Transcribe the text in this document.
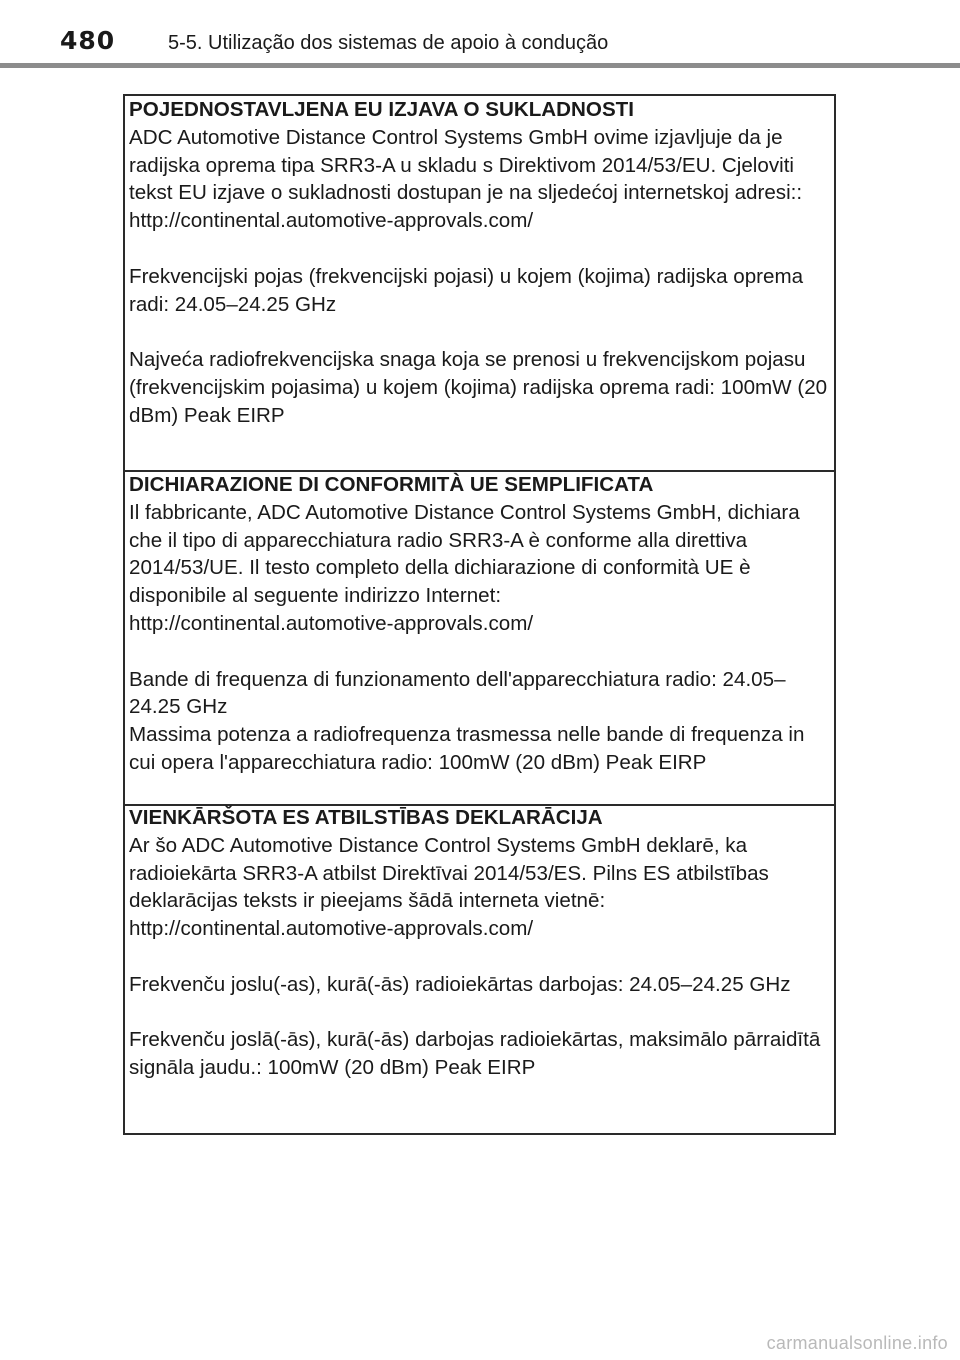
480	5-5. Utilização dos sistemas de apoio à condução

POJEDNOSTAVLJENA EU IZJAVA O SUKLADNOSTI

ADC Automotive Distance Control Systems GmbH ovime izjavljuje da je radijska oprema tipa SRR3-A u skladu s Direktivom 2014/53/EU. Cjeloviti tekst EU izjave o sukladnosti dostupan je na sljedećoj internetskoj adresi::

http://continental.automotive-approvals.com/

Frekvencijski pojas (frekvencijski pojasi) u kojem (kojima) radijska oprema radi: 24.05–24.25 GHz

Najveća radiofrekvencijska snaga koja se prenosi u frekvencijskom pojasu (frekvencijskim pojasima) u kojem (kojima) radijska oprema radi: 100mW (20 dBm) Peak EIRP

DICHIARAZIONE DI CONFORMITÀ UE SEMPLIFICATA

Il fabbricante, ADC Automotive Distance Control Systems GmbH, dichiara che il tipo di apparecchiatura radio SRR3-A è conforme alla direttiva 2014/53/UE. Il testo completo della dichiarazione di conformità UE è disponibile al seguente indirizzo Internet:

http://continental.automotive-approvals.com/

Bande di frequenza di funzionamento dell'apparecchiatura radio: 24.05–24.25 GHz

Massima potenza a radiofrequenza trasmessa nelle bande di frequenza in cui opera l'apparecchiatura radio: 100mW (20 dBm) Peak EIRP

VIENKĀRŠOTA ES ATBILSTĪBAS DEKLARĀCIJA

Ar šo ADC Automotive Distance Control Systems GmbH deklarē, ka radioiekārta SRR3-A atbilst Direktīvai 2014/53/ES. Pilns ES atbilstības deklarācijas teksts ir pieejams šādā interneta vietnē:

http://continental.automotive-approvals.com/

Frekvenču joslu(-as), kurā(-ās) radioiekārtas darbojas: 24.05–24.25 GHz

Frekvenču joslā(-ās), kurā(-ās) darbojas radioiekārtas, maksimālo pārraidītā signāla jaudu.: 100mW (20 dBm) Peak EIRP

carmanualsonline.info
